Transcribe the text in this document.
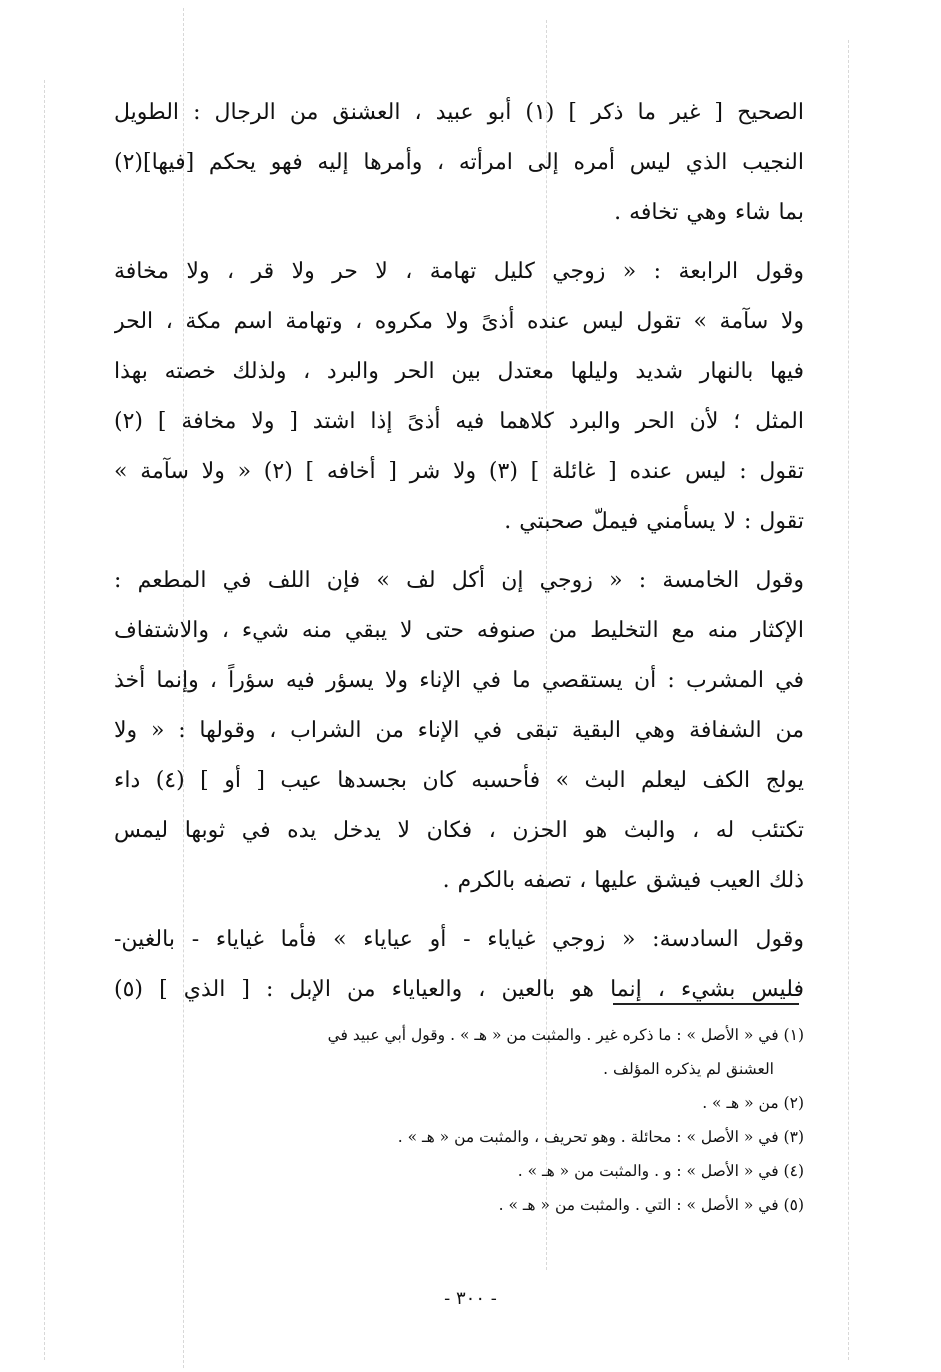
الصحيح [ غير ما ذكر ] (١) أبو عبيد ، العشنق من الرجال : الطويل
النجيب الذي ليس أمره إلى امرأته ، وأمرها إليه فهو يحكم [فيها](٢)
بما شاء وهي تخافه .

وقول الرابعة : « زوجي كليل تهامة ، لا حر ولا قر ، ولا مخافة
ولا سآمة » تقول ليس عنده أذىً ولا مكروه ، وتهامة اسم مكة ، الحر
فيها بالنهار شديد وليلها معتدل بين الحر والبرد ، ولذلك خصته بهذا
المثل ؛ لأن الحر والبرد كلاهما فيه أذىً إذا اشتد [ ولا مخافة ] (٢)
تقول : ليس عنده [ غائلة ] (٣) ولا شر [ أخافه ] (٢) « ولا سآمة »
تقول : لا يسأمني فيملّ صحبتي .

وقول الخامسة : « زوجي إن أكل لف » فإن اللف في المطعم :
الإكثار منه مع التخليط من صنوفه حتى لا يبقي منه شيء ، والاشتفاف
في المشرب : أن يستقصي ما في الإناء ولا يسؤر فيه سؤراً ، وإنما أخذ
من الشفافة وهي البقية تبقى في الإناء من الشراب ، وقولها : « ولا
يولج الكف ليعلم البث » فأحسبه كان بجسدها عيب [ أو ] (٤) داء
تكتئب له ، والبث هو الحزن ، فكان لا يدخل يده في ثوبها ليمس
ذلك العيب فيشق عليها ، تصفه بالكرم .

وقول السادسة: « زوجي غياياء - أو عياياء » فأما غياياء - بالغين-
فليس بشيء ، إنما هو بالعين ، والعياياء من الإبل : [ الذي ] (٥)

(١) في « الأصل » : ما ذكره غير . والمثبت من « هـ » . وقول أبي عبيد في
العشنق لم يذكره المؤلف .
(٢) من « هـ » .
(٣) في « الأصل » : محائلة . وهو تحريف ، والمثبت من « هـ » .
(٤) في « الأصل » : و . والمثبت من « هـ » .
(٥) في « الأصل » : التي . والمثبت من « هـ » .
- ٣٠٠ -
